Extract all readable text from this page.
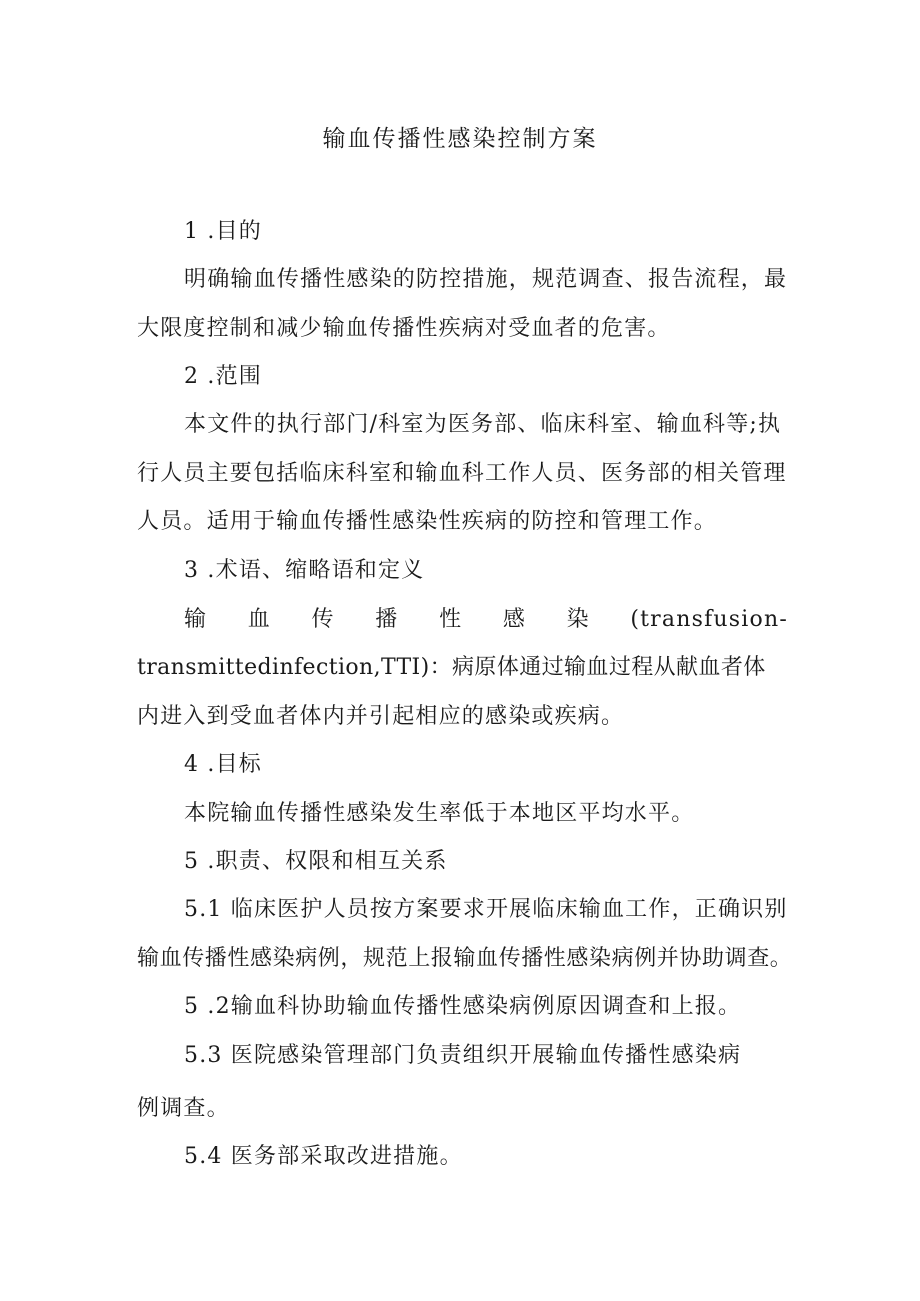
输血传播性感染控制方案
1 .目的
明确输血传播性感染的防控措施，规范调查、报告流程，最
大限度控制和减少输血传播性疾病对受血者的危害。
2 .范围
本文件的执行部门/科室为医务部、临床科室、输血科等;执
行人员主要包括临床科室和输血科工作人员、医务部的相关管理
人员。适用于输血传播性感染性疾病的防控和管理工作。
3 .术语、缩略语和定义
输 血 传 播 性 感 染 (transfusion-
transmittedinfection,TTI)：病原体通过输血过程从献血者体
内进入到受血者体内并引起相应的感染或疾病。
4 .目标
本院输血传播性感染发生率低于本地区平均水平。
5 .职责、权限和相互关系
5.1 临床医护人员按方案要求开展临床输血工作，正确识别
输血传播性感染病例，规范上报输血传播性感染病例并协助调查。
5 .2输血科协助输血传播性感染病例原因调查和上报。
5.3 医院感染管理部门负责组织开展输血传播性感染病
例调查。
5.4 医务部采取改进措施。
